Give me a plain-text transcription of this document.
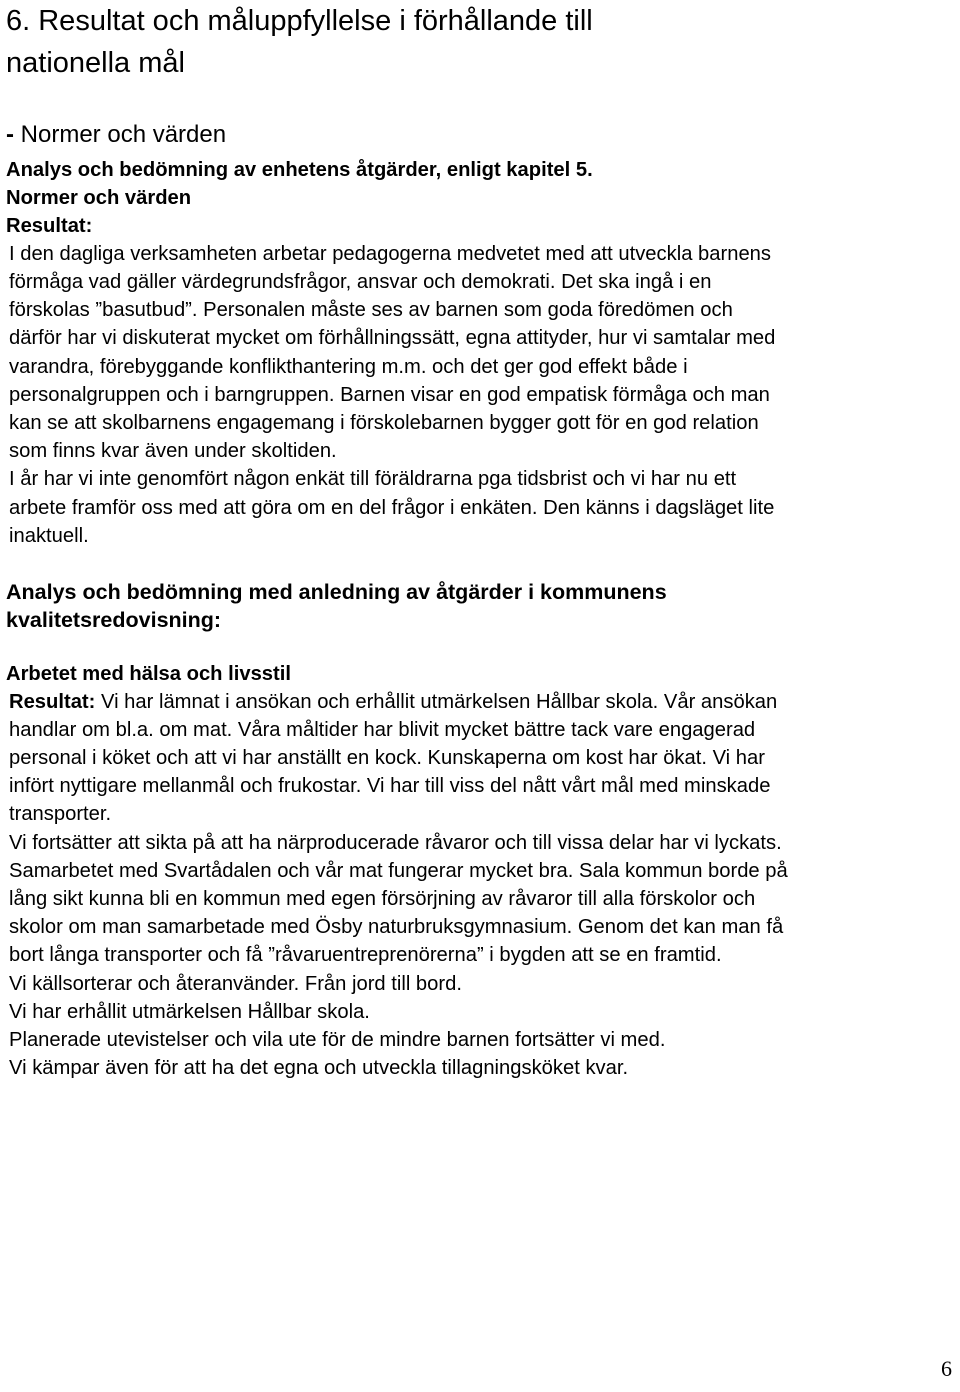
6. Resultat och måluppfyllelse i förhållande till
nationella mål
- Normer och värden
Analys och bedömning av enhetens åtgärder, enligt kapitel 5.
Normer och värden
Resultat:
I den dagliga verksamheten arbetar pedagogerna medvetet med att utveckla barnens
förmåga vad gäller värdegrundsfrågor, ansvar och demokrati. Det ska ingå i en
förskolas ”basutbud”. Personalen måste ses av barnen som goda föredömen och
därför har vi diskuterat mycket om förhållningssätt, egna attityder, hur vi samtalar med
varandra, förebyggande konflikthantering m.m. och det ger god effekt både i
personalgruppen och i barngruppen. Barnen visar en god empatisk förmåga och man
kan se att skolbarnens engagemang i förskolebarnen bygger gott för en god relation
som finns kvar även under skoltiden.
I år har vi inte genomfört någon enkät till föräldrarna pga tidsbrist och vi har nu ett
arbete framför oss med att göra om en del frågor i enkäten. Den känns i dagsläget lite
inaktuell.
Analys och bedömning med anledning av åtgärder i kommunens
kvalitetsredovisning:
Arbetet med hälsa och livsstil
Resultat: Vi har lämnat i ansökan och erhållit utmärkelsen Hållbar skola. Vår ansökan
handlar om bl.a. om mat. Våra måltider har blivit mycket bättre tack vare engagerad
personal i köket och att vi har anställt en kock. Kunskaperna om kost har ökat. Vi har
infört nyttigare mellanmål och frukostar. Vi har till viss del nått vårt mål med minskade
transporter.
Vi fortsätter att sikta på att ha närproducerade råvaror och till vissa delar har vi lyckats.
Samarbetet med Svartådalen och vår mat fungerar mycket bra. Sala kommun borde på
lång sikt kunna bli en kommun med egen försörjning av råvaror till alla förskolor och
skolor om man samarbetade med Ösby naturbruksgymnasium. Genom det kan man få
bort långa transporter och få ”råvaruentreprenörerna” i bygden att se en framtid.
Vi källsorterar och återanvänder. Från jord till bord.
Vi har erhållit utmärkelsen Hållbar skola.
Planerade utevistelser och vila ute för de mindre barnen fortsätter vi med.
Vi kämpar även för att ha det egna och utveckla tillagningsköket kvar.
6
